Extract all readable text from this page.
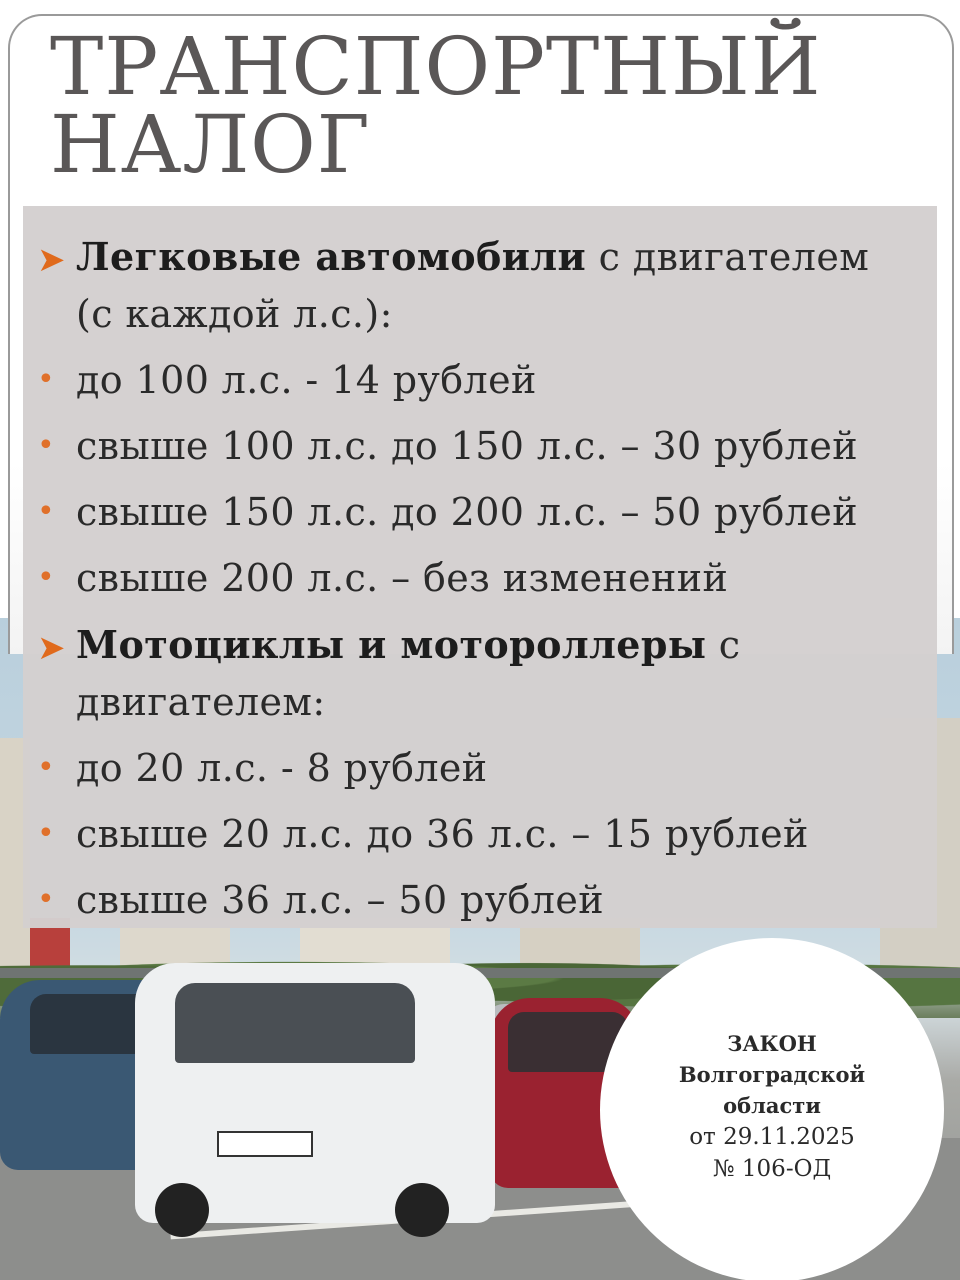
ТРАНСПОРТНЫЙ
НАЛОГ
➤ Легковые автомобили с двигателем
(с каждой л.с.):
• до 100 л.с. - 14 рублей
• свыше 100 л.с. до 150 л.с. – 30 рублей
• свыше 150 л.с. до 200 л.с. – 50 рублей
• свыше 200 л.с. – без изменений
➤ Мотоциклы и мотороллеры с
двигателем:
• до 20 л.с. - 8 рублей
• свыше 20 л.с. до 36 л.с. – 15 рублей
• свыше 36 л.с. – 50 рублей
ЗАКОН
Волгоградской
области
от 29.11.2025
№ 106-ОД
